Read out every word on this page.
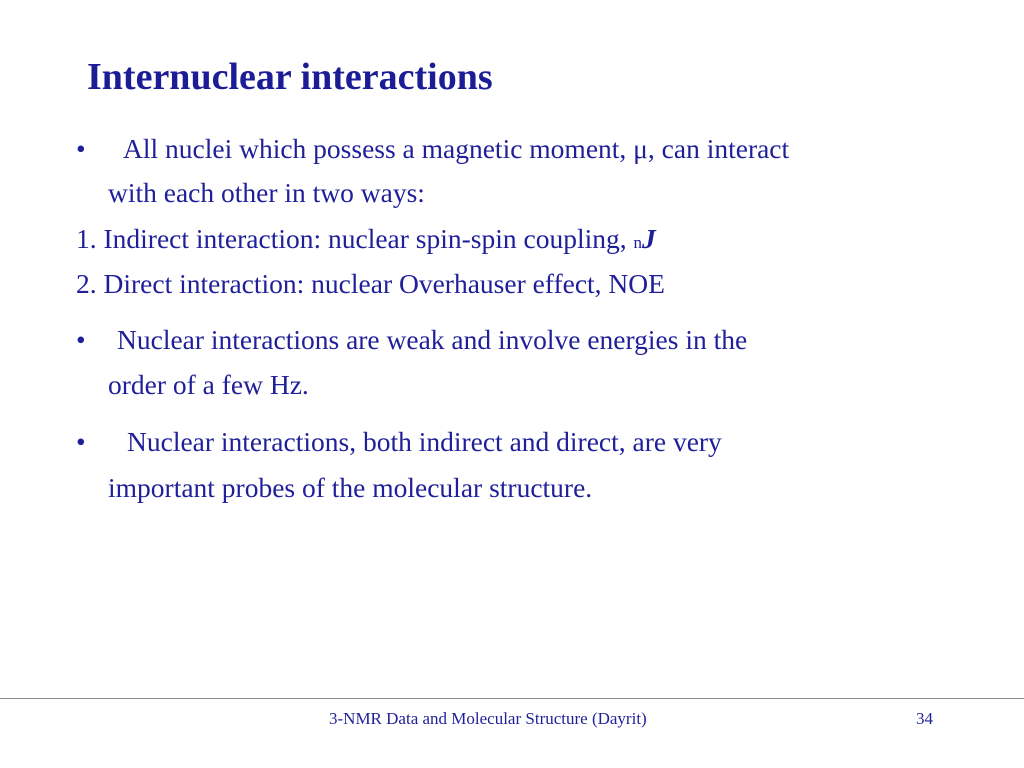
Internuclear interactions
• All nuclei which possess a magnetic moment, μ, can interact
with each other in two ways:
1. Indirect interaction: nuclear spin-spin coupling, $^n$J
2. Direct interaction: nuclear Overhauser effect, NOE
• Nuclear interactions are weak and involve energies in the
order of a few Hz.
• Nuclear interactions, both indirect and direct, are very
important probes of the molecular structure.
3-NMR Data and Molecular Structure (Dayrit)	34
